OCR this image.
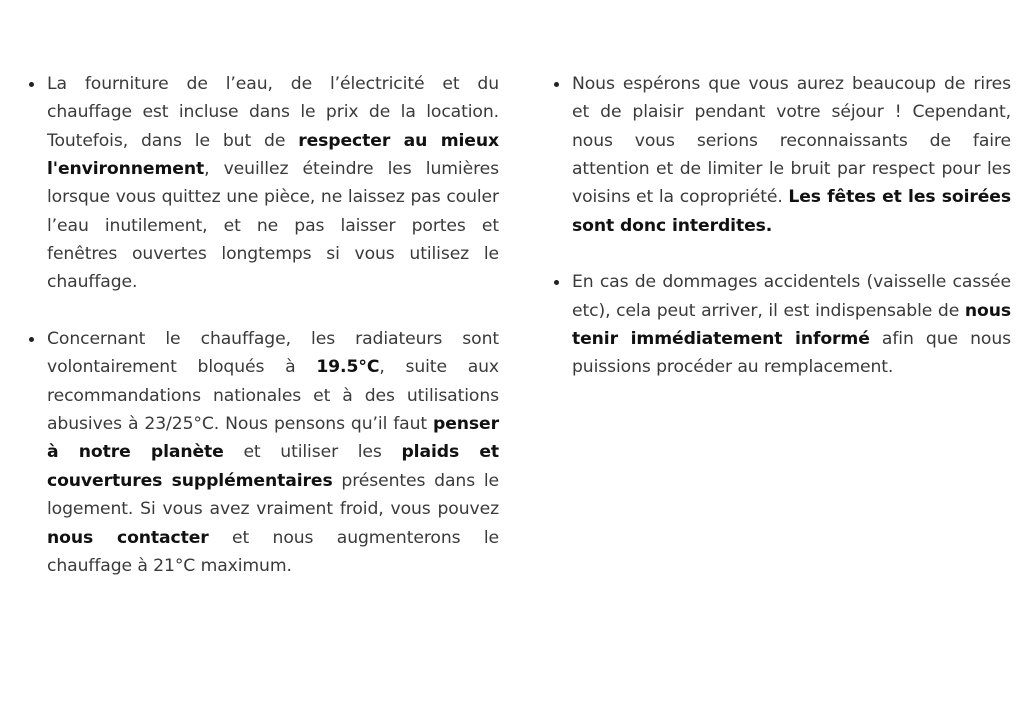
La fourniture de l’eau, de l’électricité et du chauffage est incluse dans le prix de la location. Toutefois, dans le but de respecter au mieux l'environnement, veuillez éteindre les lumières lorsque vous quittez une pièce, ne laissez pas couler l’eau inutilement, et ne pas laisser portes et fenêtres ouvertes longtemps si vous utilisez le chauffage.
Concernant le chauffage, les radiateurs sont volontairement bloqués à 19.5°C, suite aux recommandations nationales et à des utilisations abusives à 23/25°C. Nous pensons qu’il faut penser à notre planète et utiliser les plaids et couvertures supplémentaires présentes dans le logement. Si vous avez vraiment froid, vous pouvez nous contacter et nous augmenterons le chauffage à 21°C maximum.
Nous espérons que vous aurez beaucoup de rires et de plaisir pendant votre séjour ! Cependant, nous vous serions reconnaissants de faire attention et de limiter le bruit par respect pour les voisins et la copropriété. Les fêtes et les soirées sont donc interdites.
En cas de dommages accidentels (vaisselle cassée etc), cela peut arriver, il est indispensable de nous tenir immédiatement informé afin que nous puissions procéder au remplacement.
